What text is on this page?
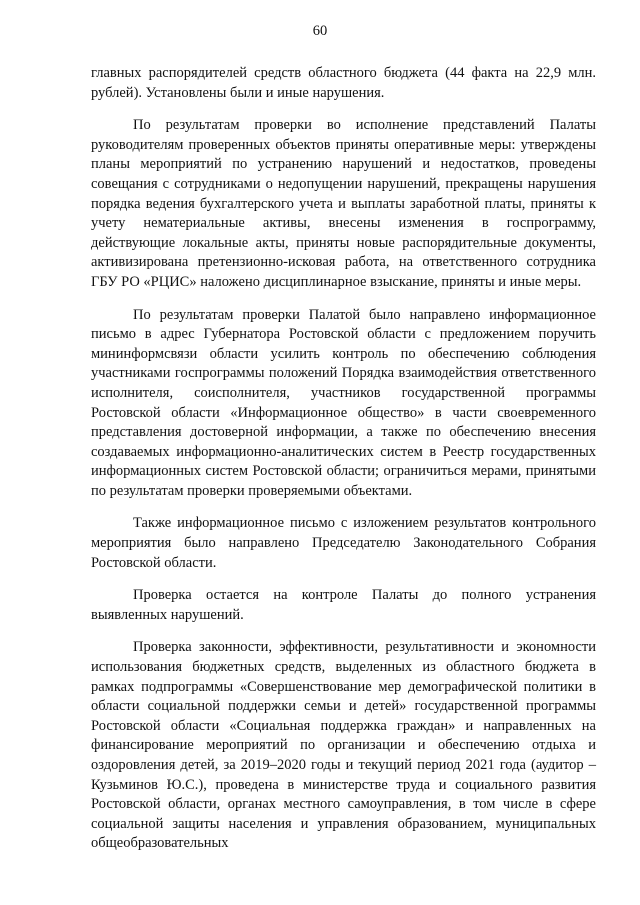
60

главных распорядителей средств областного бюджета (44 факта на 22,9 млн. рублей). Установлены были и иные нарушения.

По результатам проверки во исполнение представлений Палаты руководителям проверенных объектов приняты оперативные меры: утверждены планы мероприятий по устранению нарушений и недостатков, проведены совещания с сотрудниками о недопущении нарушений, прекращены нарушения порядка ведения бухгалтерского учета и выплаты заработной платы, приняты к учету нематериальные активы, внесены изменения в госпрограмму, действующие локальные акты, приняты новые распорядительные документы, активизирована претензионно-исковая работа, на ответственного сотрудника ГБУ РО «РЦИС» наложено дисциплинарное взыскание, приняты и иные меры.

По результатам проверки Палатой было направлено информационное письмо в адрес Губернатора Ростовской области с предложением поручить мининформсвязи области усилить контроль по обеспечению соблюдения участниками госпрограммы положений Порядка взаимодействия ответственного исполнителя, соисполнителя, участников государственной программы Ростовской области «Информационное общество» в части своевременного представления достоверной информации, а также по обеспечению внесения создаваемых информационно-аналитических систем в Реестр государственных информационных систем Ростовской области; ограничиться мерами, принятыми по результатам проверки проверяемыми объектами.

Также информационное письмо с изложением результатов контрольного мероприятия было направлено Председателю Законодательного Собрания Ростовской области.

Проверка остается на контроле Палаты до полного устранения выявленных нарушений.

Проверка законности, эффективности, результативности и экономности использования бюджетных средств, выделенных из областного бюджета в рамках подпрограммы «Совершенствование мер демографической политики в области социальной поддержки семьи и детей» государственной программы Ростовской области «Социальная поддержка граждан» и направленных на финансирование мероприятий по организации и обеспечению отдыха и оздоровления детей, за 2019–2020 годы и текущий период 2021 года (аудитор – Кузьминов Ю.С.), проведена в министерстве труда и социального развития Ростовской области, органах местного самоуправления, в том числе в сфере социальной защиты населения и управления образованием, муниципальных общеобразовательных
